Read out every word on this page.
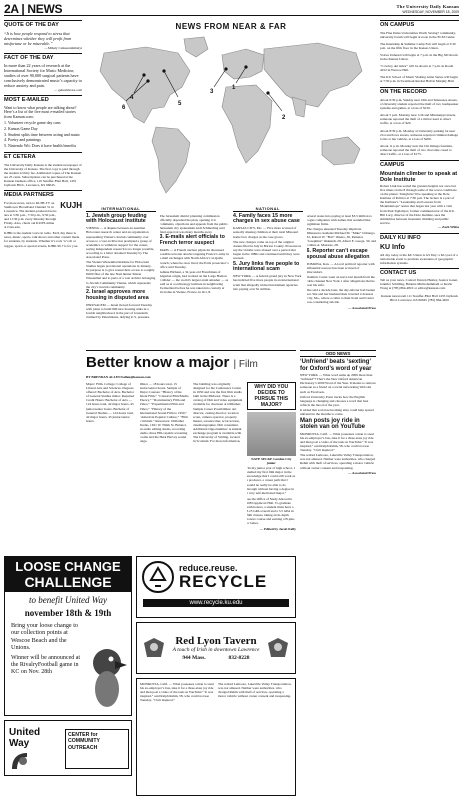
2A | NEWS	The University Daily Kansan
WEDNESDAY, NOVEMBER 18, 2009
QUOTE OF THE DAY
“It is how people respond to stress that determines whether they will profit from misfortune or be miserable.”
—Mihaly Csikszentmihalyi
FACT OF THE DAY
In more than 22 years of research at the International Society for Music Medicine, studies of over 90,000 surgical patients have conclusively demonstrated music’s capacity to reduce anxiety and pain.
— gehealthcare.com
MOST E-MAILED
Want to know what people are talking about? Here’s a list of the five most e-mailed stories from Kansan.com:
1. Volunteer recycle game day cans
2. Kansas Game Day
3. Student splits time between acting and music
4. Poetry and paintings
5. Nintendo Wii: Does it have health benefits
ET CETERA
The University Daily Kansan is the student newspaper of the University of Kansas. The first copy is paid through the student activity fee. Additional copies of The Kansan are 25 cents. Subscriptions can be purchased at the Kansan business office, 119 Stauffer-Flint Hall, 1435 Jayhawk Blvd., Lawrence, KS 66045.
MEDIA PARTNERS
For more news, turn to KUJH-TV on Sunflower Broadband Channel 31 in Lawrence. The student-produced news airs at 5:30 p.m., 7:30 p.m., 9:30 p.m., and 11:30 p.m. every Monday through Friday. Also, check out KUJH online at tv.ku.edu.
KUJH
KJHK is the student voice in radio. Each day there is news, music, sports, talk shows and other content made for students, by students. Whether it’s rock ’n’ roll or reggae, sports or special events, KJHK 90.7 is for you.
NEWS FROM NEAR & FAR
1
2
3
4
5
6
INTERNATIONAL
1. Jewish group feuding with Holocaust institute
VIENNA — A dispute between an Austrian Holocaust research center and an organization representing Vienna’s Jewish community over access to a vast archive has prompted a group of academics to withdraw support for the center, saying independent research is no longer possible, according to a letter obtained Tuesday by The Associated Press.
The Vienna Wiesenthal Institute for Holocaust Studies began provisional operations in January. Its purpose is to give researchers access to roughly 8,000 files of the late Nazi hunter Simon Wiesenthal and to parts of a vast archive belonging to Jewish Community Vienna, which represents the city’s Jewish community.
2. Israel approves more housing in disputed area
JERUSALEM — Israel moved forward Tuesday with plans to build 900 new housing units in a Jewish neighborhood in the part of Jerusalem claimed by Palestinians, defying U.S. pressure.
The Jerusalem district planning commission officially deposited the plan, opening it to comments, objections and appeals from the public. Jerusalem city spokesman Gidi Schmerling said final approval was many months away.
3. E-mails alert officials to French terror suspect
PARIS — A French nuclear physicist discussed possible terrorist attacks targeting France’s army in e-mail exchanges with North Africa’s al-Qaida branch, where he once lived, the Paris prosecutor’s office said Tuesday.
Adlene Hicheur, a 32-year-old Frenchman of Algerian origin, had worked on the Large Hadron Collider — the world’s largest atom smasher — as well as at a technology institute in neighboring Switzerland before he was taken into custody at his home in Vienne, France, in Oct. 8.
NATIONAL
4. Family faces 15 more charges in sex abuse case
KANSAS CITY, Mo. — Five more accused of sexually abusing children at their rural Missouri home face charges as the case grows.
The new charges come on top of the original dozens filed in July in Barton County. Prosecutors say the victims were abused over a period that began in the 1980s and continued until they were rescued.
5. Jury links five people to international scam
NEW YORK — A federal grand jury in New York has indicted five more people in an international scam that allegedly tricked investment agencies into paying over $1 million.
several states into paying at least $3.5 million to bogus companies with names that sounded like legitimate firms.
The charges unsealed Tuesday implicate Minnesota residents Michael M. “Mike” Ochango, 32, Robert W. “Bob” Otieno, 30, Patience “Josephine” Onkundi, 29, Albert E. Gaoga, 30, and Collins A. Mazaras, 28.
6. Reporter can’t escape spousal abuse allegation
POMONA, Kan. — A local political reporter with influential sources has been accused of misconduct.
Dominic Carter went on leave last month from the cable channel New York 1 after allegations that he beat his wife.
She said a decade later, the day-laborer had beaten her. She and her husband then traveled to Kansas City, Mo., where a caller to their hotel said Carter was considering suicide.
— Associated Press
Better know a major | Film
BY BRENDAN ALLEN ballen@kansan.com
Major: Film. College: College of Liberal Arts and Sciences. Degrees offered: Bachelor of Arts, Bachelor of General Studies minor. Required Credit Hours: Bachelor of Arts — 124 hours total, 42 major hours, 45 junior/senior hours. Bachelor of General Studies — 124 hours total, 42 major hours, 45 junior/senior hours.
Minor — 18 hours total, 15 junior/senior hours. Sample of Major Courses: “History of the Silent Film,” “Classical Film/Media Theory,” “Documentary Film and Video,” “Experimental Film and Video,” “History of the International Sound Film to 1950,” “American Popular Culture,” “Film Criticism.” Resources: Oldfather Studio, 1621 W. Ninth St. Balance an audio editing studio, recording studio, three HD-capable screening rooms and the Herk Harvey sound stage.
The building was originally designed for the Conference Center in 1950 and was the first film studio built in the Midwest. There is a catalog of film and video equipment available for checkout at Oldfather. Sample Career Possibilities: Art director, casting director, location scout, camera operator, property master, screenwriter, actor/actress, cinematographer, film consultant. Additional Opportunities: A student exchange program is available with The University of Stirling, located in Scotland. For more information,
WHY DID YOU DECIDE TO PURSUE THIS MAJOR?
NATE SELKE Garden City junior
“In my junior year of high school, I studied my first film major in the knowledge that I could still work as a producer, a career path that I would be really be able to do through without having a degree in a very self-motivated major.”
see the Office of Study Abroad in 108 Lippincott Hall. To graduate with honors, a student must have a 3.25 GPA overall and a 3.5 GPA in film classes, taking an in-depth honors course and earning a B-plus or better.
— Edited by Jacob Kelly
ODD NEWS
‘Unfriend’ beats ‘sexting’ for Oxford’s word of year
NEW YORK — What word sums up 2009 more than “unfriend”? That’s the New Oxford American Dictionary’s 2009 Word of the Year. It means to remove someone as a friend on a social networking Web site such as Facebook.
Oxford University Press tracks how the English language is changing and chooses a word that best reflects the mood of the year.
It added that social networking sites could help spread unfriend in the months to come.
Man posts joy ride in stolen van on YouTube
MONROVIA, Calif. — What possesses a man to steal his ex-employer’s bus, take it for a three-state joy ride and then post a video of the task on YouTube? “It was inspired,” said Ralph Rehm, 58, who could not use Tuesday. “I felt inspired.”
The retired Lemoore, Lakeville Valley Transportation, was not amused. Neither were authorities, who charged Rehm with theft of services, operating a motor vehicle without owner consent and trespassing.
— Associated Press
ON CAMPUS
The Fine Dales Universities Worth Saving? community-university forum will begin at noon in the ECM Center.
The Internship & Summer Camp Fair will begin at 3:30 p.m. on the fifth floor in the Kansas Union.
Voices Unheard will begin at 7 p.m. in the Big XII Room in the Kansas Union.
“Cowboy del Amor” will be shown at 7 p.m. in Room 4012 in Wescoe Hall.
The KU School of Music Visiting Artist Series will begin at 7:30 p.m. in Swarthout Recital Hall in Murphy Hall.
ON THE RECORD
About 6:30 p.m. Sunday near 16th and Tennessee streets, a University student reported the theft of two loudspeaker systems and games, at a loss of $150.
About 5 p.m. Monday near 11th and Mississippi streets, someone reported the theft of a mirror used to direct traffic, at a loss of $20.
About 8:30 p.m. Monday at University parking lot near 21st and Iowa streets, someone reported criminal damage to his or her vehicle, at a loss of $200.
About 11 p.m. Monday near the Chi Omega fountain, someone reported the theft of two chocolate cased to direct traffic, at a loss of $175.
CAMPUS
Mountain climber to speak at Dole Institute
Robert Link has scaled the greatest heights not once but five times on the 8 through some of the worst conditions on the planet. Tonight he’ll be speaking at the Dole Institute of Politics at 7:30 p.m. The lecture is a part of the Institute’s “Leadership and Lessons from Mountaintops” series that began last year with a visit from Paul Tajdaliyev, former communicator of the KU. Bill Lacy, director of the Dole Institute, sees the similarities between mountain climbing and public service.
— Zach White
DAILY KU INFO
KU Info
All day today at the KU Union is GS Day: a KU part of a nationwide event to promote awareness of geographic information systems.
CONTACT US
Tell us your news. Contact Darren Huxley, Jessica Ganet, Jennifer Schilling, Brianna Mirmohammadi or Kevin Wong at (785) 864-4810 or editor@kansan.com.
Kansan newsroom 111 Stauffer-Flint Hall 1435 Jayhawk Blvd. Lawrence, KS 66045 (785) 864-4810
LOOSE CHANGE
CHALLENGE
to benefit United Way
november 18th & 19th
Bring your loose change to our collection points at Wescoe Beach and the Unions.
Winner will be announced at the RivalryFootball game in KC on Nov. 28th
United Way
CENTER for COMMUNITY OUTREACH
reduce.reuse.
RECYCLE
www.recycle.ku.edu
Red Lyon Tavern
A touch of Irish in downtown Lawrence
944 Mass.	832-8228
MONROVIA, Calif. — What possesses a man to steal his ex-employer’s bus, take it for a three-state joy ride and then post a video of the task on YouTube? “It was inspired,” said Ralph Rehm, 58, who could not use Tuesday. “I felt inspired.”
The retired Lemoore, Lakeville Valley Transportation, was not amused. Neither were authorities, who charged Rehm with theft of services, operating a motor vehicle without owner consent and trespassing.
